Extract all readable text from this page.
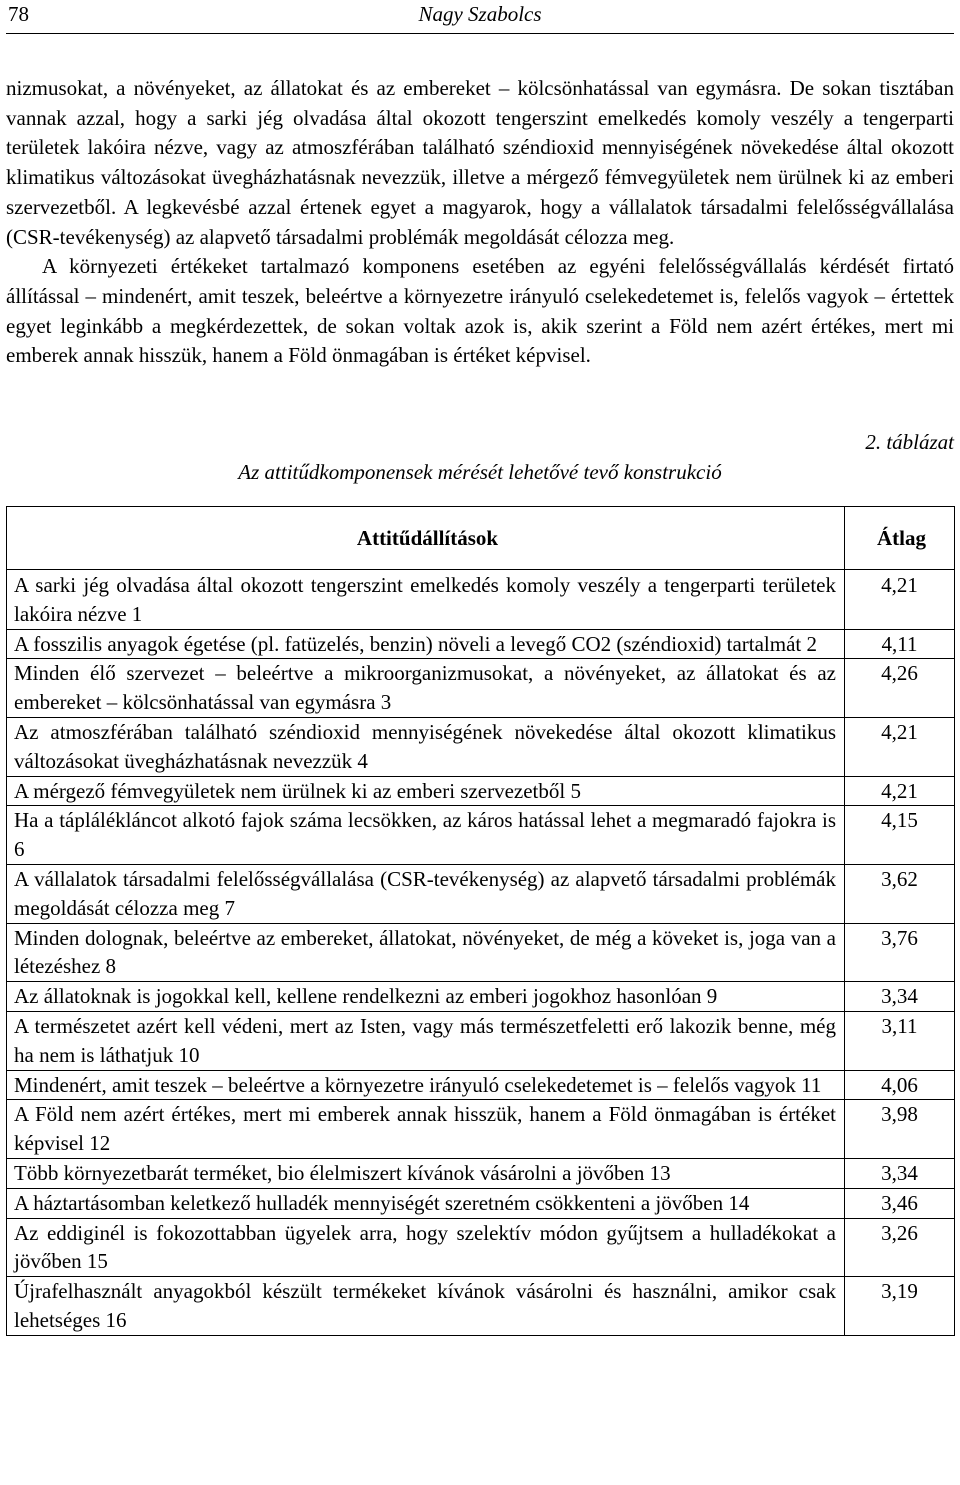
78	Nagy Szabolcs

nizmusokat, a növényeket, az állatokat és az embereket – kölcsönhatással van egymásra. De sokan tisztában vannak azzal, hogy a sarki jég olvadása által okozott tengerszint emelkedés komoly veszély a tengerparti területek lakóira nézve, vagy az atmoszférában található széndioxid mennyiségének növekedése által okozott klimatikus változásokat üvegházhatásnak nevezzük, illetve a mérgező fémvegyületek nem ürülnek ki az emberi szervezetből. A legkevésbé azzal értenek egyet a magyarok, hogy a vállalatok társadalmi felelősségvállalása (CSR-tevékenység) az alapvető társadalmi problémák megoldását célozza meg.

A környezeti értékeket tartalmazó komponens esetében az egyéni felelősségvállalás kérdését firtató állítással – mindenért, amit teszek, beleértve a környezetre irányuló cselekedetemet is, felelős vagyok – értettek egyet leginkább a megkérdezettek, de sokan voltak azok is, akik szerint a Föld nem azért értékes, mert mi emberek annak hisszük, hanem a Föld önmagában is értéket képvisel.

2. táblázat
Az attitűdkomponensek mérését lehetővé tevő konstrukció
Attitűdállítások	Átlag
A sarki jég olvadása által okozott tengerszint emelkedés komoly veszély a tengerparti területek lakóira nézve 1	4,21
A fosszilis anyagok égetése (pl. fatüzelés, benzin) növeli a levegő CO2 (széndioxid) tartalmát 2	4,11
Minden élő szervezet – beleértve a mikroorganizmusokat, a növényeket, az állatokat és az embereket – kölcsönhatással van egymásra 3	4,26
Az atmoszférában található széndioxid mennyiségének növekedése által okozott klimatikus változásokat üvegházhatásnak nevezzük 4	4,21
A mérgező fémvegyületek nem ürülnek ki az emberi szervezetből 5	4,21
Ha a táplálékláncot alkotó fajok száma lecsökken, az káros hatással lehet a megmaradó fajokra is 6	4,15
A vállalatok társadalmi felelősségvállalása (CSR-tevékenység) az alapvető társadalmi problémák megoldását célozza meg 7	3,62
Minden dolognak, beleértve az embereket, állatokat, növényeket, de még a köveket is, joga van a létezéshez 8	3,76
Az állatoknak is jogokkal kell, kellene rendelkezni az emberi jogokhoz hasonlóan 9	3,34
A természetet azért kell védeni, mert az Isten, vagy más természetfeletti erő lakozik benne, még ha nem is láthatjuk 10	3,11
Mindenért, amit teszek – beleértve a környezetre irányuló cselekedetemet is – felelős vagyok 11	4,06
A Föld nem azért értékes, mert mi emberek annak hisszük, hanem a Föld önmagában is értéket képvisel 12	3,98
Több környezetbarát terméket, bio élelmiszert kívánok vásárolni a jövőben 13	3,34
A háztartásomban keletkező hulladék mennyiségét szeretném csökkenteni a jövőben 14	3,46
Az eddiginél is fokozottabban ügyelek arra, hogy szelektív módon gyűjtsem a hulladékokat a jövőben 15	3,26
Újrafelhasznált anyagokból készült termékeket kívánok vásárolni és használni, amikor csak lehetséges 16	3,19
